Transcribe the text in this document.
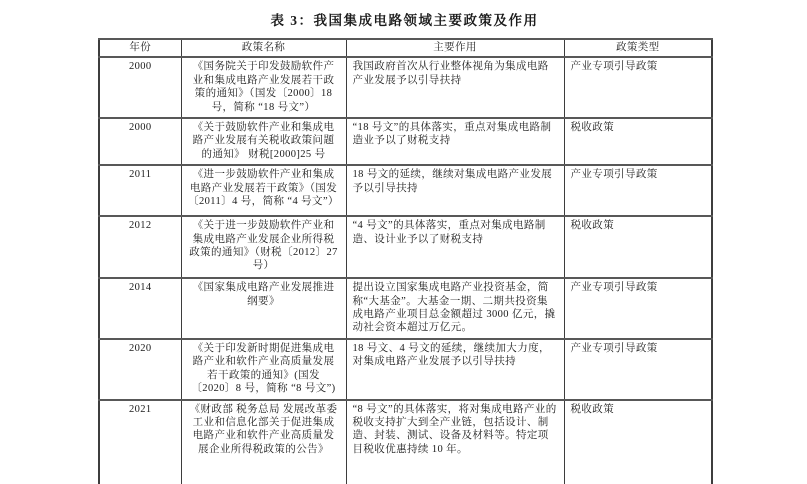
表 3：我国集成电路领域主要政策及作用
年份	政策名称	主要作用	政策类型
2000	《国务院关于印发鼓励软件产业和集成电路产业发展若干政策的通知》（国发〔2000〕18 号，简称 “18 号文”）	我国政府首次从行业整体视角为集成电路产业发展予以引导扶持	产业专项引导政策
2000	《关于鼓励软件产业和集成电路产业发展有关税收政策问题的通知》 财税[2000]25 号	“18 号文”的具体落实，重点对集成电路制造业予以了财税支持	税收政策
2011	《进一步鼓励软件产业和集成电路产业发展若干政策》（国发〔2011〕4 号，简称 “4 号文”）	18 号文的延续，继续对集成电路产业发展予以引导扶持	产业专项引导政策
2012	《关于进一步鼓励软件产业和集成电路产业发展企业所得税政策的通知》（财税〔2012〕27 号）	“4 号文”的具体落实，重点对集成电路制造、设计业予以了财税支持	税收政策
2014	《国家集成电路产业发展推进纲要》	提出设立国家集成电路产业投资基金，简称“大基金”。大基金一期、二期共投资集成电路产业项目总金额超过 3000 亿元，撬动社会资本超过万亿元。	产业专项引导政策
2020	《关于印发新时期促进集成电路产业和软件产业高质量发展若干政策的通知》(国发〔2020〕8 号，简称 “8 号文”)	18 号文、4 号文的延续，继续加大力度，对集成电路产业发展予以引导扶持	产业专项引导政策
2021	《财政部 税务总局 发展改革委 工业和信息化部关于促进集成电路产业和软件产业高质量发展企业所得税政策的公告》	“8 号文”的具体落实，将对集成电路产业的税收支持扩大到全产业链，包括设计、制造、封装、测试、设备及材料等。特定项目税收优惠持续 10 年。	税收政策
